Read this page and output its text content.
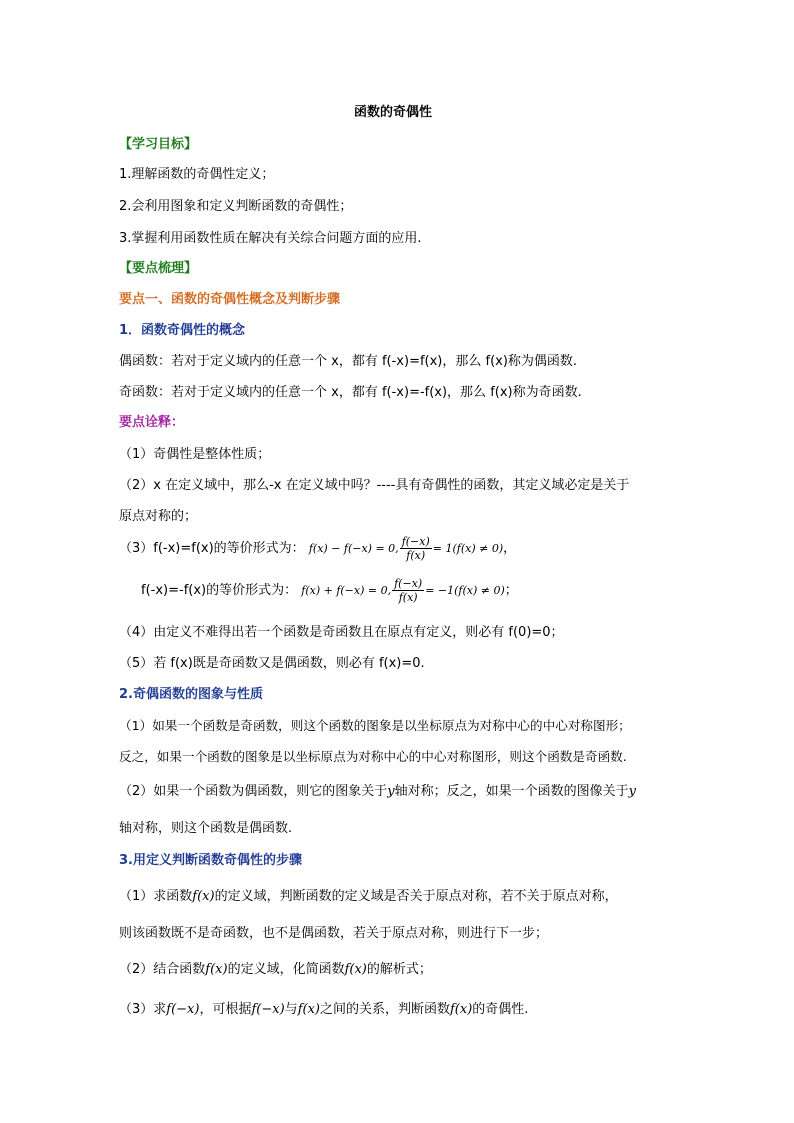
函数的奇偶性
【学习目标】
1.理解函数的奇偶性定义；
2.会利用图象和定义判断函数的奇偶性；
3.掌握利用函数性质在解决有关综合问题方面的应用.
【要点梳理】
要点一、函数的奇偶性概念及判断步骤
1．函数奇偶性的概念
偶函数：若对于定义域内的任意一个 x，都有 f(-x)=f(x)，那么 f(x)称为偶函数.
奇函数：若对于定义域内的任意一个 x，都有 f(-x)=-f(x)，那么 f(x)称为奇函数.
要点诠释：
（1）奇偶性是整体性质；
（2）x 在定义域中，那么-x 在定义域中吗？----具有奇偶性的函数，其定义域必定是关于
原点对称的；
（3）f(-x)=f(x)的等价形式为： f(x) − f(−x) = 0, $\frac{f(-x)}{f(x)} = 1(f(x) \ne 0)$，
f(-x)=-f(x)的等价形式为： f(x) + f(−x) = 0, $\frac{f(-x)}{f(x)} = -1(f(x) \ne 0)$；
（4）由定义不难得出若一个函数是奇函数且在原点有定义，则必有 f(0)=0；
（5）若 f(x)既是奇函数又是偶函数，则必有 f(x)=0.
2.奇偶函数的图象与性质
（1）如果一个函数是奇函数，则这个函数的图象是以坐标原点为对称中心的中心对称图形；
反之，如果一个函数的图象是以坐标原点为对称中心的中心对称图形，则这个函数是奇函数.
（2）如果一个函数为偶函数，则它的图象关于y轴对称；反之，如果一个函数的图像关于y
轴对称，则这个函数是偶函数.
3.用定义判断函数奇偶性的步骤
（1）求函数f(x)的定义域，判断函数的定义域是否关于原点对称，若不关于原点对称，
则该函数既不是奇函数，也不是偶函数，若关于原点对称，则进行下一步；
（2）结合函数f(x)的定义域，化简函数f(x)的解析式；
（3）求f(−x)，可根据f(−x)与f(x)之间的关系，判断函数f(x)的奇偶性.
